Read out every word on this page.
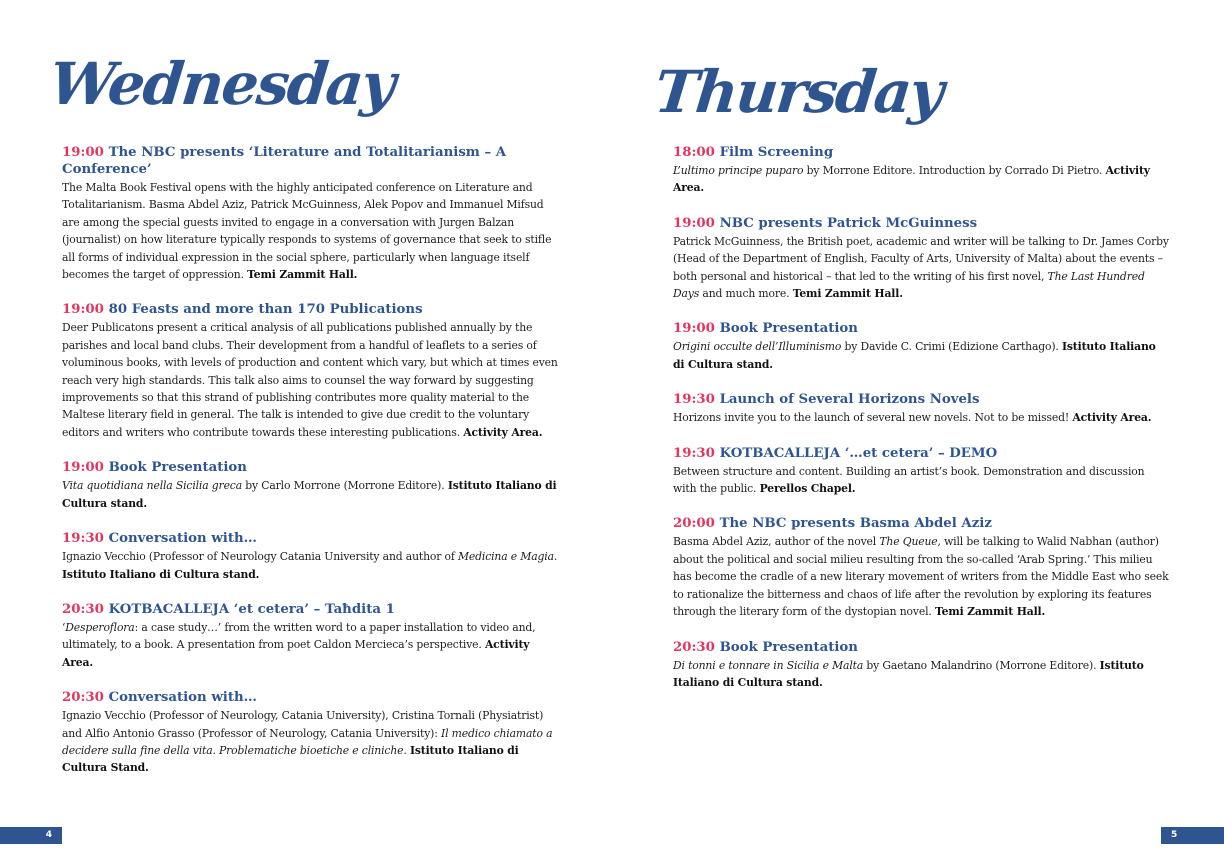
Wednesday	Thursday

19:00 The NBC presents ‘Literature and Totalitarianism – A Conference’

The Malta Book Festival opens with the highly anticipated conference on Literature and Totalitarianism. Basma Abdel Aziz, Patrick McGuinness, Alek Popov and Immanuel Mifsud are among the special guests invited to engage in a conversation with Jurgen Balzan (journalist) on how literature typically responds to systems of governance that seek to stifle all forms of individual expression in the social sphere, particularly when language itself becomes the target of oppression. Temi Zammit Hall.

19:00 80 Feasts and more than 170 Publications

Deer Publicatons present a critical analysis of all publications published annually by the parishes and local band clubs. Their development from a handful of leaflets to a series of voluminous books, with levels of production and content which vary, but which at times even reach very high standards. This talk also aims to counsel the way forward by suggesting improvements so that this strand of publishing contributes more quality material to the Maltese literary field in general. The talk is intended to give due credit to the voluntary editors and writers who contribute towards these interesting publications. Activity Area.

19:00 Book Presentation

Vita quotidiana nella Sicilia greca by Carlo Morrone (Morrone Editore). Istituto Italiano di Cultura stand.

19:30 Conversation with…

Ignazio Vecchio (Professor of Neurology Catania University and author of Medicina e Magia. Istituto Italiano di Cultura stand.

20:30 KOTBACALLEJA ‘et cetera’ – Taħdita 1

‘Desperoflora: a case study…’ from the written word to a paper installation to video and, ultimately, to a book. A presentation from poet Caldon Mercieca’s perspective. Activity Area.

20:30 Conversation with…

Ignazio Vecchio (Professor of Neurology, Catania University), Cristina Tornali (Physiatrist) and Alfio Antonio Grasso (Professor of Neurology, Catania University): Il medico chiamato a decidere sulla fine della vita. Problematiche bioetiche e cliniche. Istituto Italiano di Cultura Stand.

18:00 Film Screening

L’ultimo principe puparo by Morrone Editore. Introduction by Corrado Di Pietro. Activity Area.

19:00 NBC presents Patrick McGuinness

Patrick McGuinness, the British poet, academic and writer will be talking to Dr. James Corby (Head of the Department of English, Faculty of Arts, University of Malta) about the events – both personal and historical – that led to the writing of his first novel, The Last Hundred Days and much more. Temi Zammit Hall.

19:00 Book Presentation

Origini occulte dell’Illuminismo by Davide C. Crimi (Edizione Carthago). Istituto Italiano di Cultura stand.

19:30 Launch of Several Horizons Novels

Horizons invite you to the launch of several new novels. Not to be missed! Activity Area.

19:30 KOTBACALLEJA ‘…et cetera’ – DEMO

Between structure and content. Building an artist’s book. Demonstration and discussion with the public. Perellos Chapel.

20:00 The NBC presents Basma Abdel Aziz

Basma Abdel Aziz, author of the novel The Queue, will be talking to Walid Nabhan (author) about the political and social milieu resulting from the so-called ‘Arab Spring.’ This milieu has become the cradle of a new literary movement of writers from the Middle East who seek to rationalize the bitterness and chaos of life after the revolution by exploring its features through the literary form of the dystopian novel. Temi Zammit Hall.

20:30 Book Presentation

Di tonni e tonnare in Sicilia e Malta by Gaetano Malandrino (Morrone Editore). Istituto Italiano di Cultura stand.

4	5
